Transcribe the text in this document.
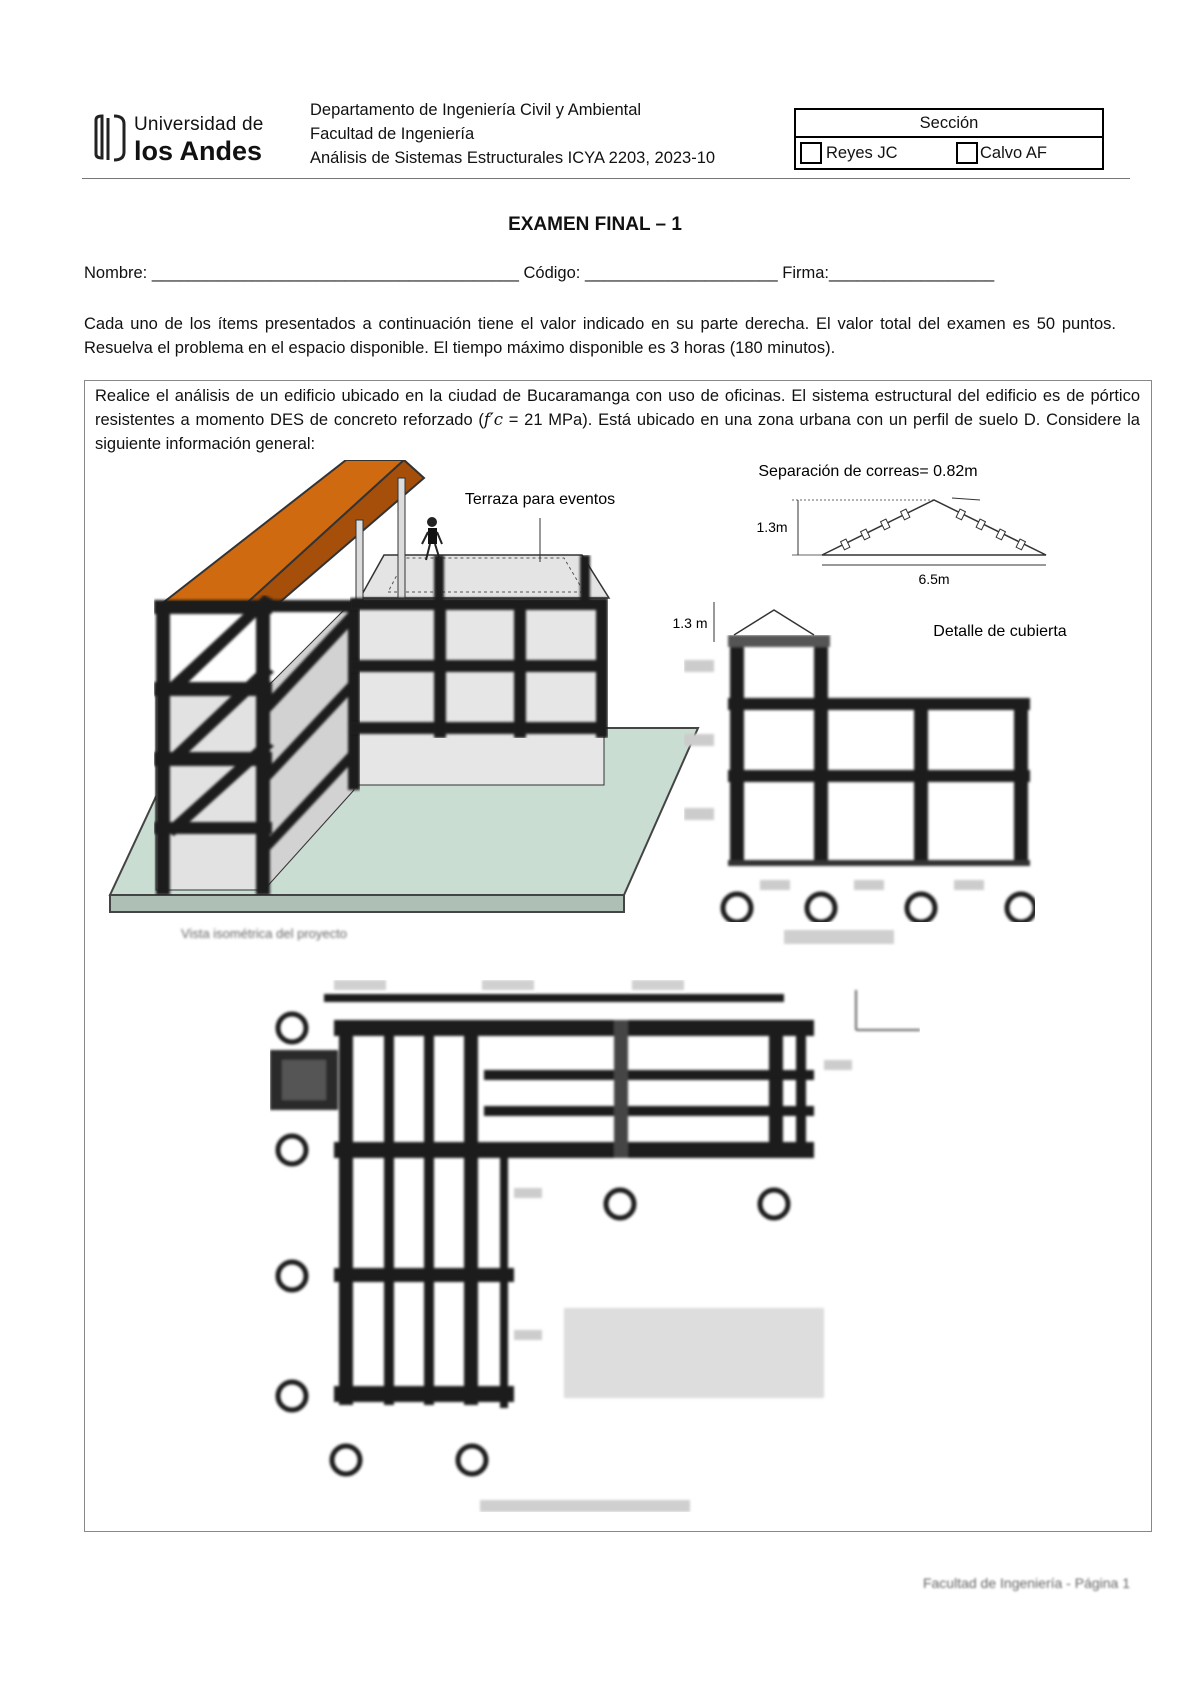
Universidad de
los Andes
Departamento de Ingeniería Civil y Ambiental
Facultad de Ingeniería
Análisis de Sistemas Estructurales ICYA 2203, 2023-10
Sección
Reyes JC	Calvo AF
EXAMEN FINAL – 1
Nombre: ________________________________________ Código: _____________________ Firma:__________________
Cada uno de los ítems presentados a continuación tiene el valor indicado en su parte derecha. El valor total del examen es 50 puntos. Resuelva el problema en el espacio disponible. El tiempo máximo disponible es 3 horas (180 minutos).
Realice el análisis de un edificio ubicado en la ciudad de Bucaramanga con uso de oficinas. El sistema estructural del edificio es de pórtico resistentes a momento DES de concreto reforzado (f′c = 21 MPa). Está ubicado en una zona urbana con un perfil de suelo D. Considere la siguiente información general:
Terraza para eventos
Vista isométrica del proyecto
Separación de correas= 0.82m
1.3m
6.5m
1.3 m	Detalle de cubierta
Facultad de Ingeniería - Página 1
